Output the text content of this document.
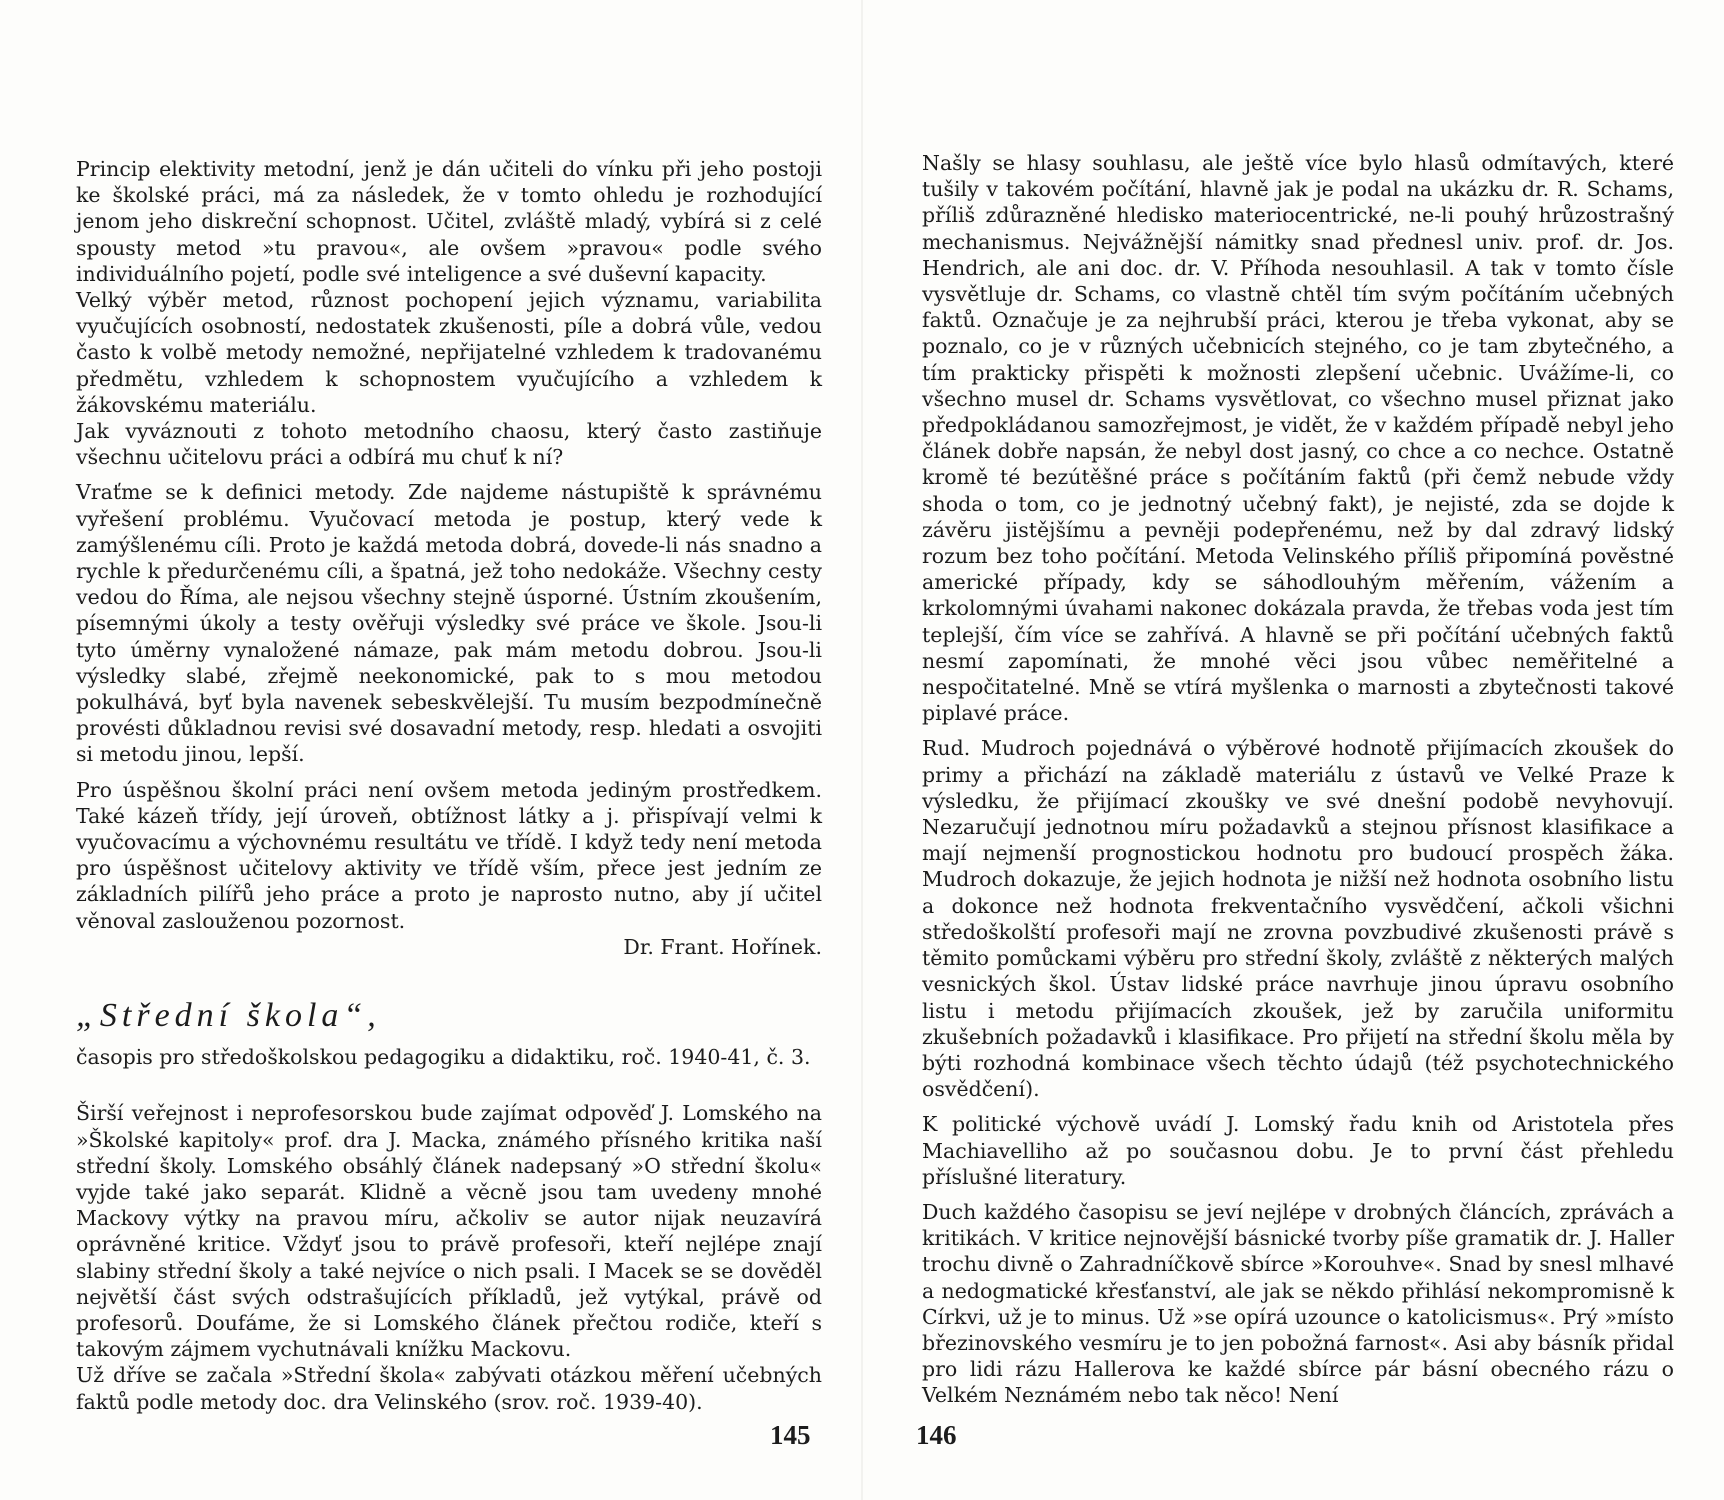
Princip elektivity metodní, jenž je dán učiteli do vínku při jeho postoji ke školské práci, má za následek, že v tomto ohledu je rozhodující jenom jeho diskreční schopnost. Učitel, zvláště mladý, vybírá si z celé spousty metod »tu pravou«, ale ovšem »pravou« podle svého individuálního pojetí, podle své inteligence a své duševní kapacity.

Velký výběr metod, různost pochopení jejich významu, variabilita vyučujících osobností, nedostatek zkušenosti, píle a dobrá vůle, vedou často k volbě metody nemožné, nepřijatelné vzhledem k tradovanému předmětu, vzhledem k schopnostem vyučujícího a vzhledem k žákovskému materiálu.

Jak vyváznouti z tohoto metodního chaosu, který často zastiňuje všechnu učitelovu práci a odbírá mu chuť k ní?

Vraťme se k definici metody. Zde najdeme nástupiště k správnému vyřešení problému. Vyučovací metoda je postup, který vede k zamýšlenému cíli. Proto je každá metoda dobrá, dovede-li nás snadno a rychle k předurčenému cíli, a špatná, jež toho nedokáže. Všechny cesty vedou do Říma, ale nejsou všechny stejně úsporné. Ústním zkoušením, písemnými úkoly a testy ověřuji výsledky své práce ve škole. Jsou-li tyto úměrny vynaložené námaze, pak mám metodu dobrou. Jsou-li výsledky slabé, zřejmě neekonomické, pak to s mou metodou pokulhává, byť byla navenek sebeskvělejší. Tu musím bezpodmínečně provésti důkladnou revisi své dosavadní metody, resp. hledati a osvojiti si metodu jinou, lepší.

Pro úspěšnou školní práci není ovšem metoda jediným prostředkem. Také kázeň třídy, její úroveň, obtížnost látky a j. přispívají velmi k vyučovacímu a výchovnému resultátu ve třídě. I když tedy není metoda pro úspěšnost učitelovy aktivity ve třídě vším, přece jest jedním ze základních pilířů jeho práce a proto je naprosto nutno, aby jí učitel věnoval zaslouženou pozornost.

Dr. Frant. Hořínek.
„Střední škola“,
časopis pro středoškolskou pedagogiku a didaktiku, roč. 1940-41, č. 3.

Širší veřejnost i neprofesorskou bude zajímat odpověď J. Lomského na »Školské kapitoly« prof. dra J. Macka, známého přísného kritika naší střední školy. Lomského obsáhlý článek nadepsaný »O střední školu« vyjde také jako separát. Klidně a věcně jsou tam uvedeny mnohé Mackovy výtky na pravou míru, ačkoliv se autor nijak neuzavírá oprávněné kritice. Vždyť jsou to právě profesoři, kteří nejlépe znají slabiny střední školy a také nejvíce o nich psali. I Macek se se dověděl největší část svých odstrašujících příkladů, jež vytýkal, právě od profesorů. Doufáme, že si Lomského článek přečtou rodiče, kteří s takovým zájmem vychutnávali knížku Mackovu.

Už dříve se začala »Střední škola« zabývati otázkou měření učebných faktů podle metody doc. dra Velinského (srov. roč. 1939-40).

145

Našly se hlasy souhlasu, ale ještě více bylo hlasů odmítavých, které tušily v takovém počítání, hlavně jak je podal na ukázku dr. R. Schams, příliš zdůrazněné hledisko materiocentrické, ne-li pouhý hrůzostrašný mechanismus. Nejvážnější námitky snad přednesl univ. prof. dr. Jos. Hendrich, ale ani doc. dr. V. Příhoda nesouhlasil. A tak v tomto čísle vysvětluje dr. Schams, co vlastně chtěl tím svým počítáním učebných faktů. Označuje je za nejhrubší práci, kterou je třeba vykonat, aby se poznalo, co je v různých učebnicích stejného, co je tam zbytečného, a tím prakticky přispěti k možnosti zlepšení učebnic. Uvážíme-li, co všechno musel dr. Schams vysvětlovat, co všechno musel přiznat jako předpokládanou samozřejmost, je vidět, že v každém případě nebyl jeho článek dobře napsán, že nebyl dost jasný, co chce a co nechce. Ostatně kromě té bezútěšné práce s počítáním faktů (při čemž nebude vždy shoda o tom, co je jednotný učebný fakt), je nejisté, zda se dojde k závěru jistějšímu a pevněji podepřenému, než by dal zdravý lidský rozum bez toho počítání. Metoda Velinského příliš připomíná pověstné americké případy, kdy se sáhodlouhým měřením, vážením a krkolomnými úvahami nakonec dokázala pravda, že třebas voda jest tím teplejší, čím více se zahřívá. A hlavně se při počítání učebných faktů nesmí zapomínati, že mnohé věci jsou vůbec neměřitelné a nespočitatelné. Mně se vtírá myšlenka o marnosti a zbytečnosti takové piplavé práce.

Rud. Mudroch pojednává o výběrové hodnotě přijímacích zkoušek do primy a přichází na základě materiálu z ústavů ve Velké Praze k výsledku, že přijímací zkoušky ve své dnešní podobě nevyhovují. Nezaručují jednotnou míru požadavků a stejnou přísnost klasifikace a mají nejmenší prognostickou hodnotu pro budoucí prospěch žáka. Mudroch dokazuje, že jejich hodnota je nižší než hodnota osobního listu a dokonce než hodnota frekventačního vysvědčení, ačkoli všichni středoškolští profesoři mají ne zrovna povzbudivé zkušenosti právě s těmito pomůckami výběru pro střední školy, zvláště z některých malých vesnických škol. Ústav lidské práce navrhuje jinou úpravu osobního listu i metodu přijímacích zkoušek, jež by zaručila uniformitu zkušebních požadavků i klasifikace. Pro přijetí na střední školu měla by býti rozhodná kombinace všech těchto údajů (též psychotechnického osvědčení).

K politické výchově uvádí J. Lomský řadu knih od Aristotela přes Machiavelliho až po současnou dobu. Je to první část přehledu příslušné literatury.

Duch každého časopisu se jeví nejlépe v drobných článcích, zprávách a kritikách. V kritice nejnovější básnické tvorby píše gramatik dr. J. Haller trochu divně o Zahradníčkově sbírce »Korouhve«. Snad by snesl mlhavé a nedogmatické křesťanství, ale jak se někdo přihlásí nekompromisně k Církvi, už je to minus. Už »se opírá uzounce o katolicismus«. Prý »místo březinovského vesmíru je to jen pobožná farnost«. Asi aby básník přidal pro lidi rázu Hallerova ke každé sbírce pár básní obecného rázu o Velkém Neznámém nebo tak něco! Není

146
